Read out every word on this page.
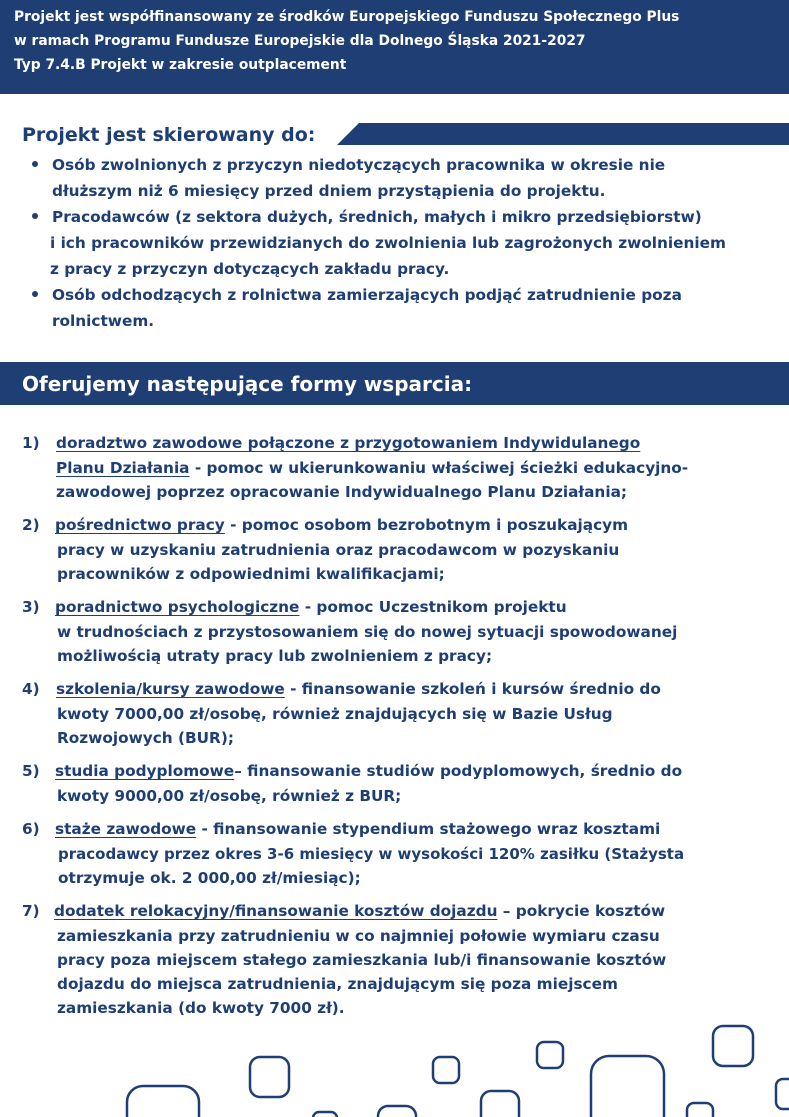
Projekt jest współfinansowany ze środków Europejskiego Funduszu Społecznego Plus
w ramach Programu Fundusze Europejskie dla Dolnego Śląska 2021-2027
Typ 7.4.B Projekt w zakresie outplacement
Projekt jest skierowany do:
Osób zwolnionych z przyczyn niedotyczących pracownika w okresie nie
dłuższym niż 6 miesięcy przed dniem przystąpienia do projektu.
Pracodawców (z sektora dużych, średnich, małych i mikro przedsiębiorstw)
i ich pracowników przewidzianych do zwolnienia lub zagrożonych zwolnieniem
z pracy z przyczyn dotyczących zakładu pracy.
Osób odchodzących z rolnictwa zamierzających podjąć zatrudnienie poza
rolnictwem.
Oferujemy następujące formy wsparcia:
1) doradztwo zawodowe połączone z przygotowaniem Indywidulanego
Planu Działania - pomoc w ukierunkowaniu właściwej ścieżki edukacyjno-
zawodowej poprzez opracowanie Indywidualnego Planu Działania;
2) pośrednictwo pracy - pomoc osobom bezrobotnym i poszukającym
pracy w uzyskaniu zatrudnienia oraz pracodawcom w pozyskaniu
pracowników z odpowiednimi kwalifikacjami;
3) poradnictwo psychologiczne - pomoc Uczestnikom projektu
w trudnościach z przystosowaniem się do nowej sytuacji spowodowanej
możliwością utraty pracy lub zwolnieniem z pracy;
4) szkolenia/kursy zawodowe - finansowanie szkoleń i kursów średnio do
kwoty 7000,00 zł/osobę, również znajdujących się w Bazie Usług
Rozwojowych (BUR);
5) studia podyplomowe– finansowanie studiów podyplomowych, średnio do
kwoty 9000,00 zł/osobę, również z BUR;
6) staże zawodowe - finansowanie stypendium stażowego wraz kosztami
pracodawcy przez okres 3-6 miesięcy w wysokości 120% zasiłku (Stażysta
otrzymuje ok. 2 000,00 zł/miesiąc);
7) dodatek relokacyjny/finansowanie kosztów dojazdu – pokrycie kosztów
zamieszkania przy zatrudnieniu w co najmniej połowie wymiaru czasu
pracy poza miejscem stałego zamieszkania lub/i finansowanie kosztów
dojazdu do miejsca zatrudnienia, znajdującym się poza miejscem
zamieszkania (do kwoty 7000 zł).
